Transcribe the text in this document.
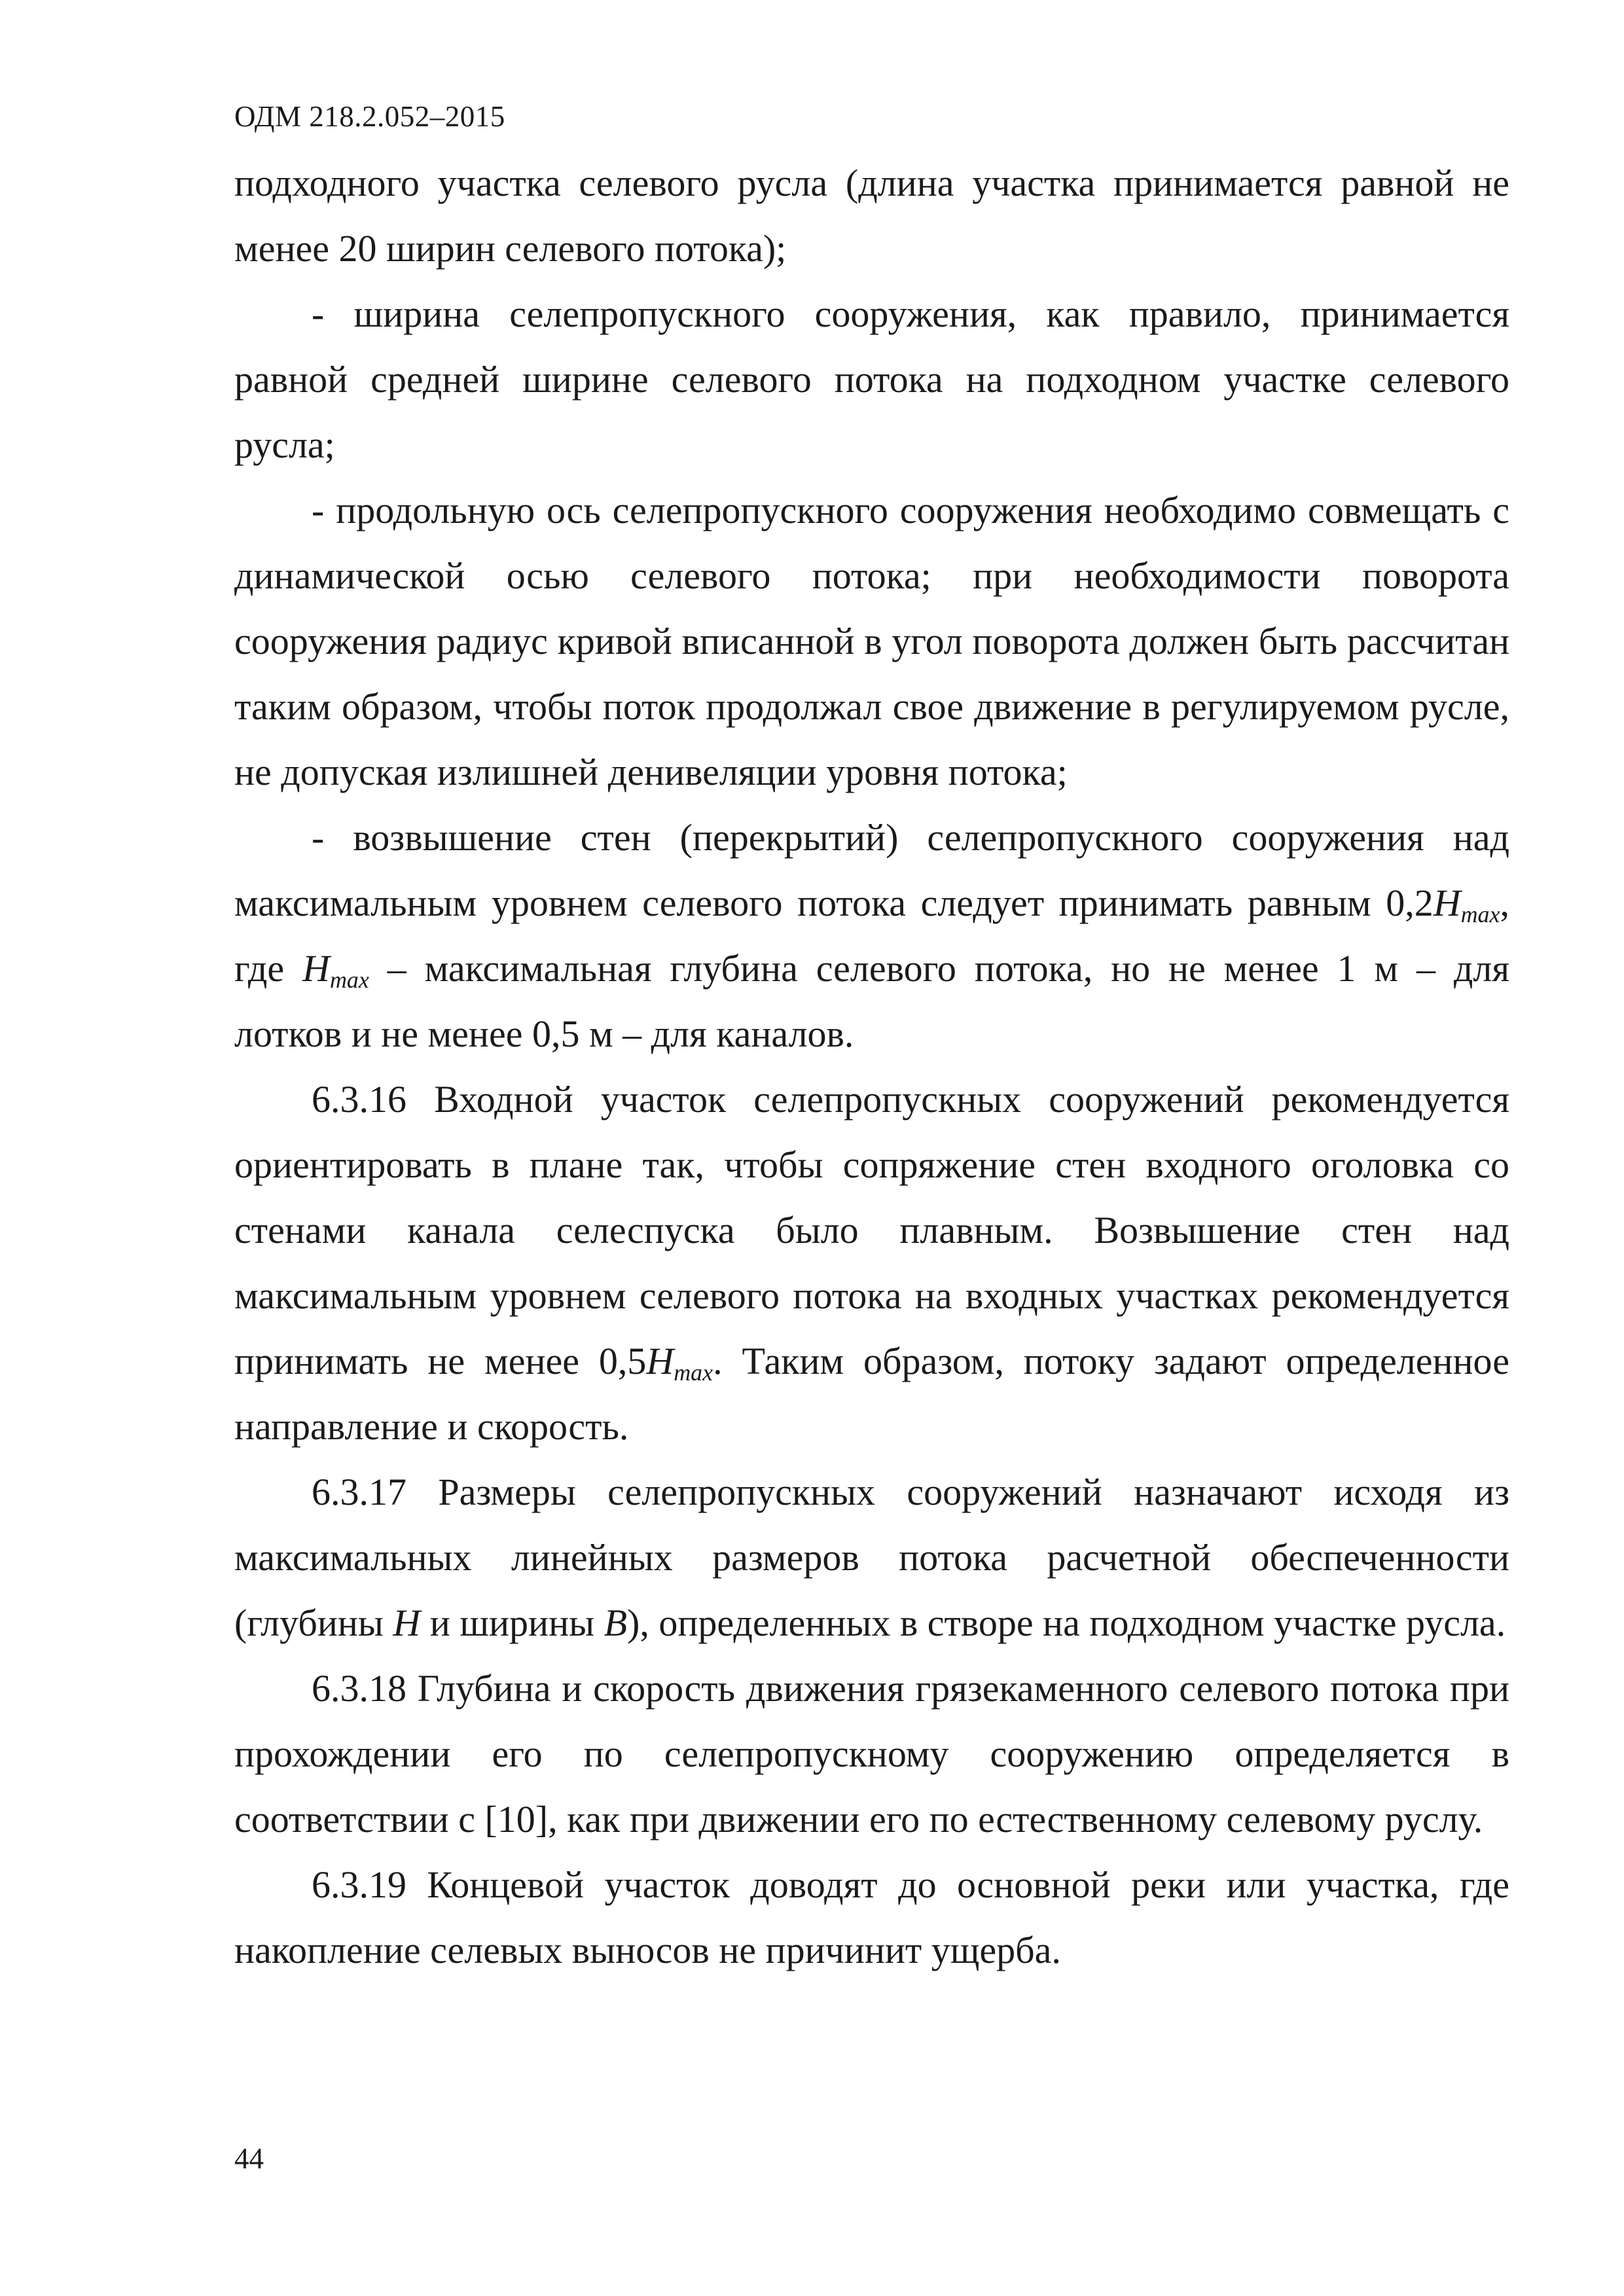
ОДМ 218.2.052–2015

подходного участка селевого русла (длина участка принимается равной не менее 20 ширин селевого потока);

- ширина селепропускного сооружения, как правило, принимается равной средней ширине селевого потока на подходном участке селевого русла;

- продольную ось селепропускного сооружения необходимо совмещать с динамической осью селевого потока; при необходимости поворота сооружения радиус кривой вписанной в угол поворота должен быть рассчитан таким образом, чтобы поток продолжал свое движение в регулируемом русле, не допуская излишней денивеляции уровня потока;

- возвышение стен (перекрытий) селепропускного сооружения над максимальным уровнем селевого потока следует принимать равным $0,2H_{max}$, где $H_{max}$ – максимальная глубина селевого потока, но не менее 1 м – для лотков и не менее 0,5 м – для каналов.

6.3.16 Входной участок селепропускных сооружений рекомендуется ориентировать в плане так, чтобы сопряжение стен входного оголовка со стенами канала селеспуска было плавным. Возвышение стен над максимальным уровнем селевого потока на входных участках рекомендуется принимать не менее $0,5H_{max}$. Таким образом, потоку задают определенное направление и скорость.

6.3.17 Размеры селепропускных сооружений назначают исходя из максимальных линейных размеров потока расчетной обеспеченности (глубины H и ширины B), определенных в створе на подходном участке русла.

6.3.18 Глубина и скорость движения грязекаменного селевого потока при прохождении его по селепропускному сооружению определяется в соответствии с [10], как при движении его по естественному селевому руслу.

6.3.19 Концевой участок доводят до основной реки или участка, где накопление селевых выносов не причинит ущерба.

44
